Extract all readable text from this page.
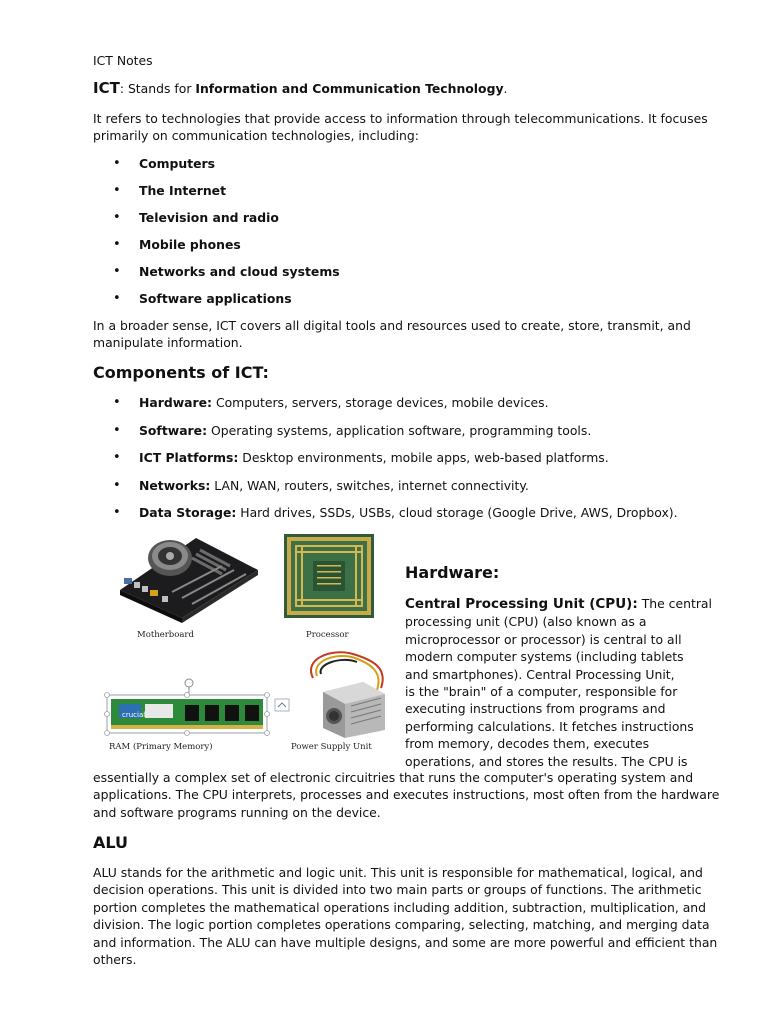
ICT Notes

ICT: Stands for Information and Communication Technology.

It refers to technologies that provide access to information through telecommunications. It focuses
primarily on communication technologies, including:
• Computers
• The Internet
• Television and radio
• Mobile phones
• Networks and cloud systems
• Software applications
In a broader sense, ICT covers all digital tools and resources used to create, store, transmit, and
manipulate information.
Components of ICT:
• Hardware: Computers, servers, storage devices, mobile devices.
• Software: Operating systems, application software, programming tools.
• ICT Platforms: Desktop environments, mobile apps, web-based platforms.
• Networks: LAN, WAN, routers, switches, internet connectivity.
• Data Storage: Hard drives, SSDs, USBs, cloud storage (Google Drive, AWS, Dropbox).
Hardware:
Central Processing Unit (CPU): The central
processing unit (CPU) (also known as a
microprocessor or processor) is central to all
modern computer systems (including tablets
and smartphones). Central Processing Unit,
is the "brain" of a computer, responsible for
executing instructions from programs and
performing calculations. It fetches instructions
from memory, decodes them, executes
operations, and stores the results. The CPU is
essentially a complex set of electronic circuitries that runs the computer's operating system and
applications. The CPU interprets, processes and executes instructions, most often from the hardware
and software programs running on the device.
ALU
ALU stands for the arithmetic and logic unit. This unit is responsible for mathematical, logical, and
decision operations. This unit is divided into two main parts or groups of functions. The arithmetic
portion completes the mathematical operations including addition, subtraction, multiplication, and
division. The logic portion completes operations comparing, selecting, matching, and merging data
and information. The ALU can have multiple designs, and some are more powerful and efficient than
others.
Motherboard	Processor
crucial
RAM (Primary Memory)	Power Supply Unit
